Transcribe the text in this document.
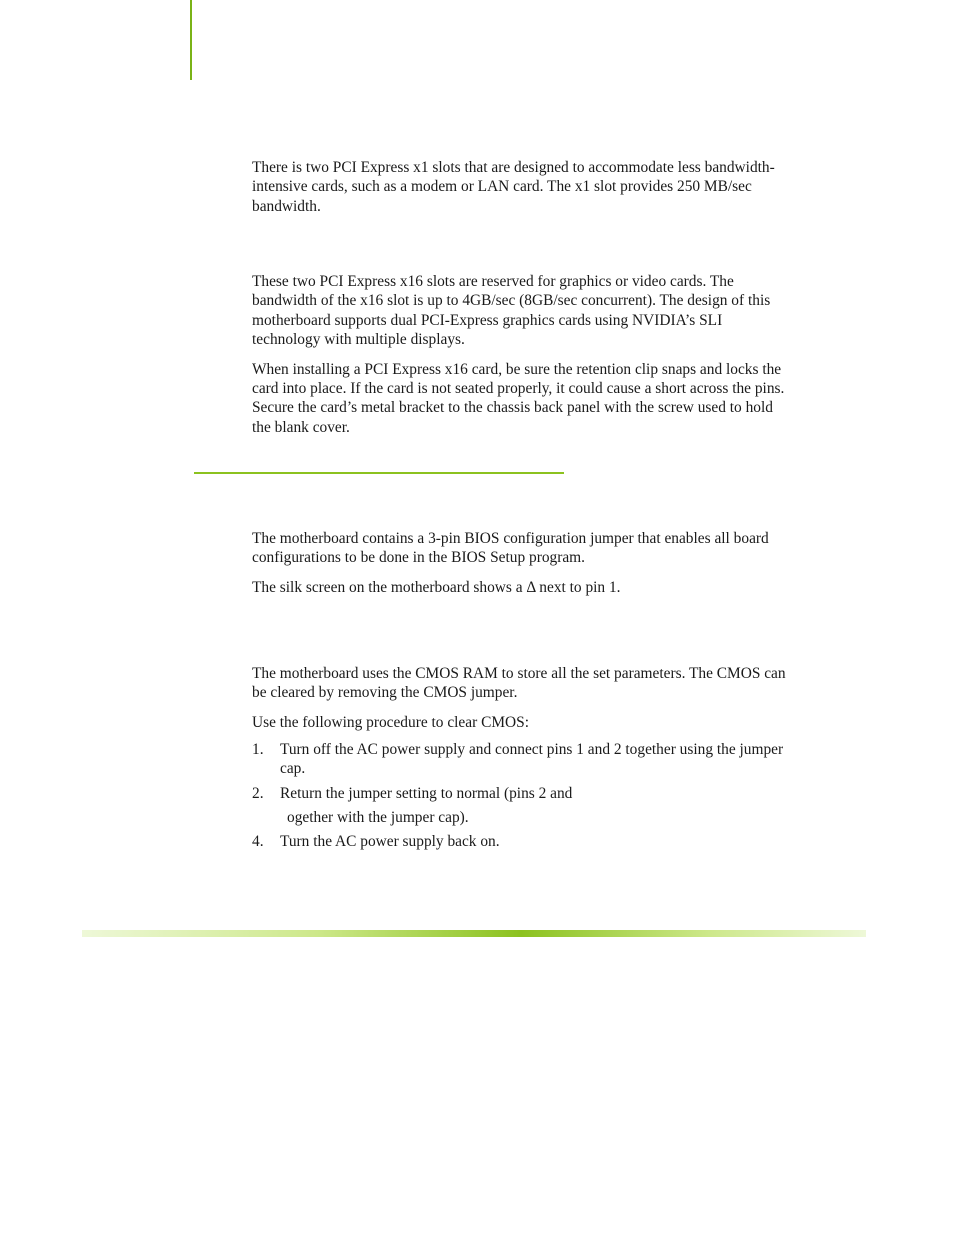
There is two PCI Express x1 slots that are designed to accommodate less bandwidth-intensive cards, such as a modem or LAN card. The x1 slot provides 250 MB/sec bandwidth.

These two PCI Express x16 slots are reserved for graphics or video cards. The bandwidth of the x16 slot is up to 4GB/sec (8GB/sec concurrent). The design of this motherboard supports dual PCI-Express graphics cards using NVIDIA’s SLI technology with multiple displays.

When installing a PCI Express x16 card, be sure the retention clip snaps and locks the card into place. If the card is not seated properly, it could cause a short across the pins. Secure the card’s metal bracket to the chassis back panel with the screw used to hold the blank cover.

The motherboard contains a 3-pin BIOS configuration jumper that enables all board configurations to be done in the BIOS Setup program.

The silk screen on the motherboard shows a Δ next to pin 1.

The motherboard uses the CMOS RAM to store all the set parameters. The CMOS can be cleared by removing the CMOS jumper.

Use the following procedure to clear CMOS:

1. Turn off the AC power supply and connect pins 1 and 2 together using the jumper cap.
2. Return the jumper setting to normal (pins 2 and
ogether with the jumper cap).
4. Turn the AC power supply back on.
